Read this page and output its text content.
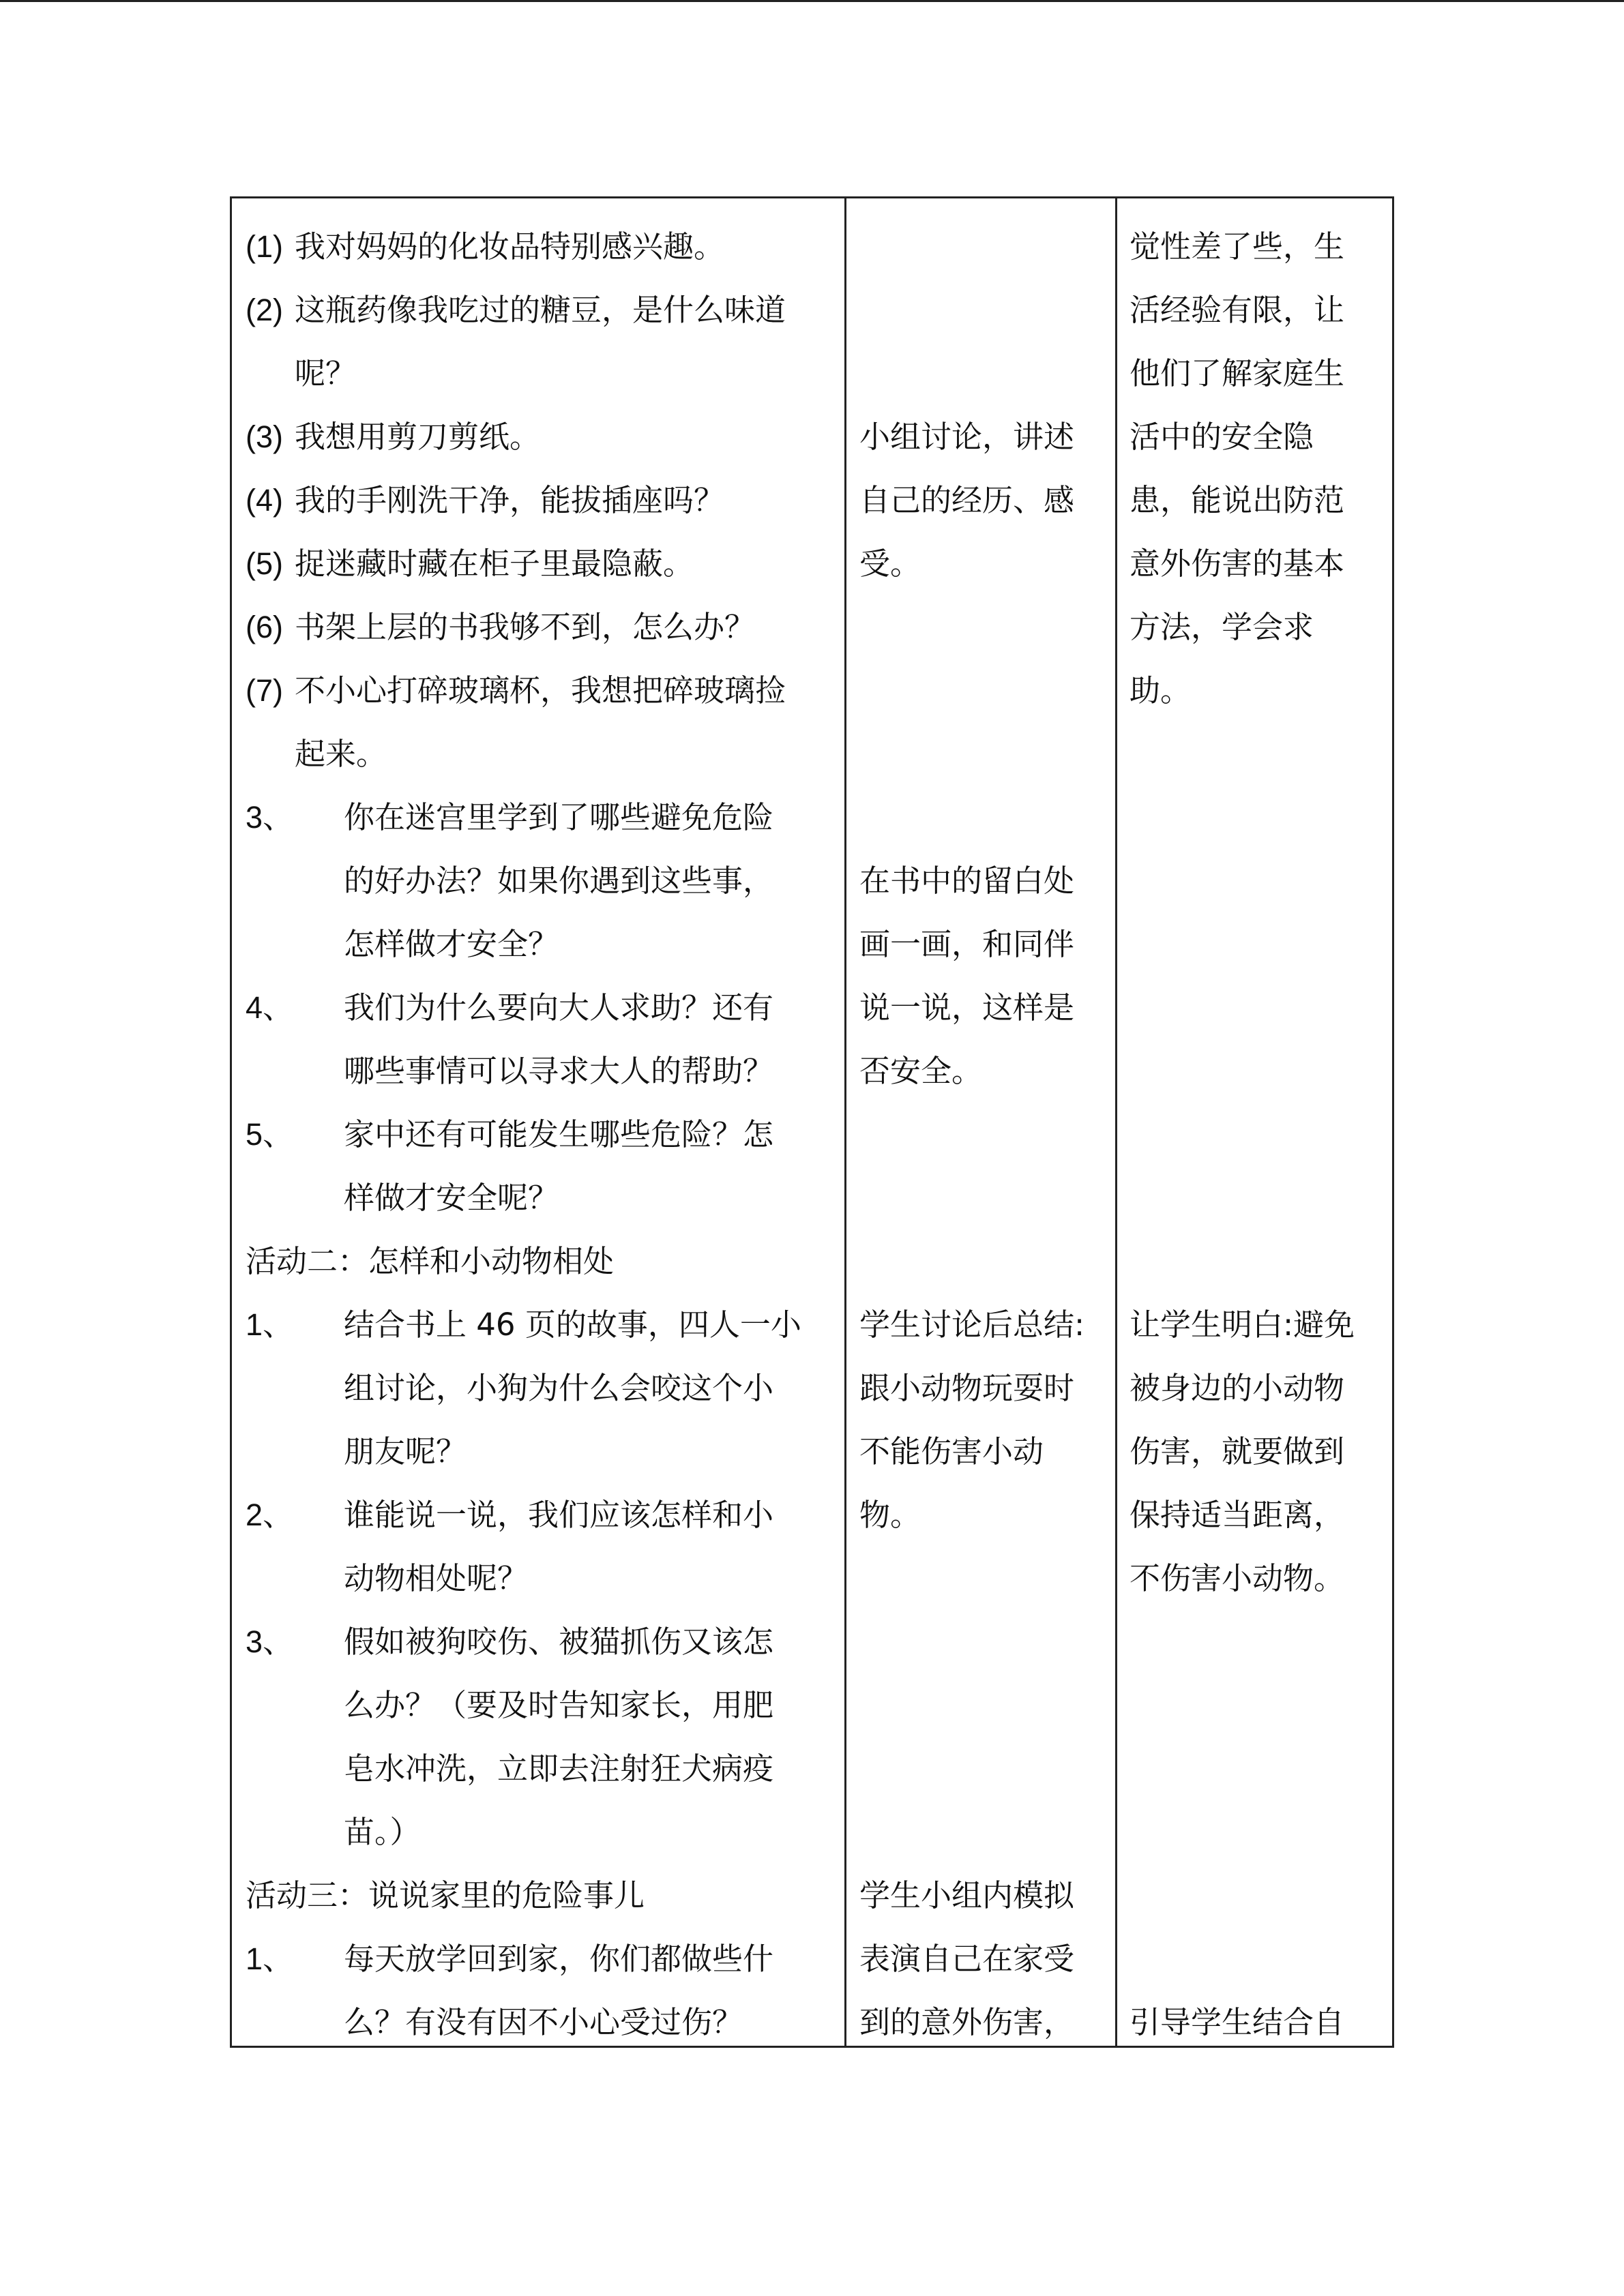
(1) 我对妈妈的化妆品特别感兴趣。
(2) 这瓶药像我吃过的糖豆，是什么味道
呢？
(3) 我想用剪刀剪纸。
(4) 我的手刚洗干净，能拔插座吗？
(5) 捉迷藏时藏在柜子里最隐蔽。
(6) 书架上层的书我够不到，怎么办？
(7) 不小心打碎玻璃杯，我想把碎玻璃捡
起来。
3、 你在迷宫里学到了哪些避免危险
的好办法？如果你遇到这些事，
怎样做才安全？
4、 我们为什么要向大人求助？还有
哪些事情可以寻求大人的帮助？
5、 家中还有可能发生哪些危险？怎
样做才安全呢？
活动二：怎样和小动物相处
1、 结合书上 46 页的故事，四人一小
组讨论，小狗为什么会咬这个小
朋友呢？
2、 谁能说一说，我们应该怎样和小
动物相处呢？
3、 假如被狗咬伤、被猫抓伤又该怎
么办？（要及时告知家长，用肥
皂水冲洗，立即去注射狂犬病疫
苗。）
活动三：说说家里的危险事儿
1、 每天放学回到家，你们都做些什
么？有没有因不小心受过伤？
小组讨论，讲述
自己的经历、感
受。
在书中的留白处
画一画，和同伴
说一说，这样是
否安全。
学生讨论后总结:
跟小动物玩耍时
不能伤害小动
物。
学生小组内模拟
表演自己在家受
到的意外伤害，
觉性差了些，生
活经验有限，让
他们了解家庭生
活中的安全隐
患，能说出防范
意外伤害的基本
方法，学会求
助。
让学生明白:避免
被身边的小动物
伤害，就要做到
保持适当距离，
不伤害小动物。
引导学生结合自
